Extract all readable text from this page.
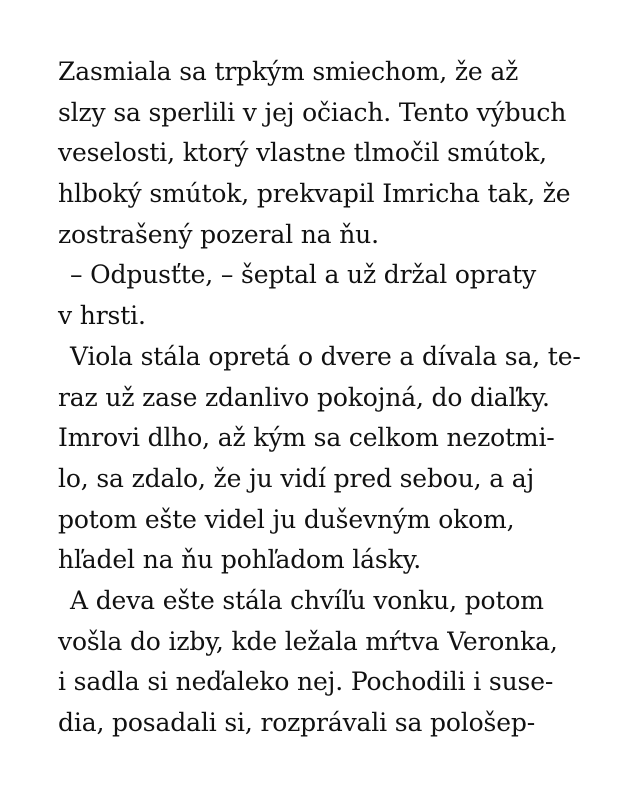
Zasmiala sa trpkým smiechom, že až
slzy sa sperlili v jej očiach. Tento výbuch
veselosti, ktorý vlastne tlmočil smútok,
hlboký smútok, prekvapil Imricha tak, že
zostrašený pozeral na ňu.
– Odpusťte, – šeptal a už držal opraty
v hrsti.
Viola stála opretá o dvere a dívala sa, te-
raz už zase zdanlivo pokojná, do diaľky.
Imrovi dlho, až kým sa celkom nezotmi-
lo, sa zdalo, že ju vidí pred sebou, a aj
potom ešte videl ju duševným okom,
hľadel na ňu pohľadom lásky.
A deva ešte stála chvíľu vonku, potom
vošla do izby, kde ležala mŕtva Veronka,
i sadla si neďaleko nej. Pochodili i suse-
dia, posadali si, rozprávali sa pološep-
